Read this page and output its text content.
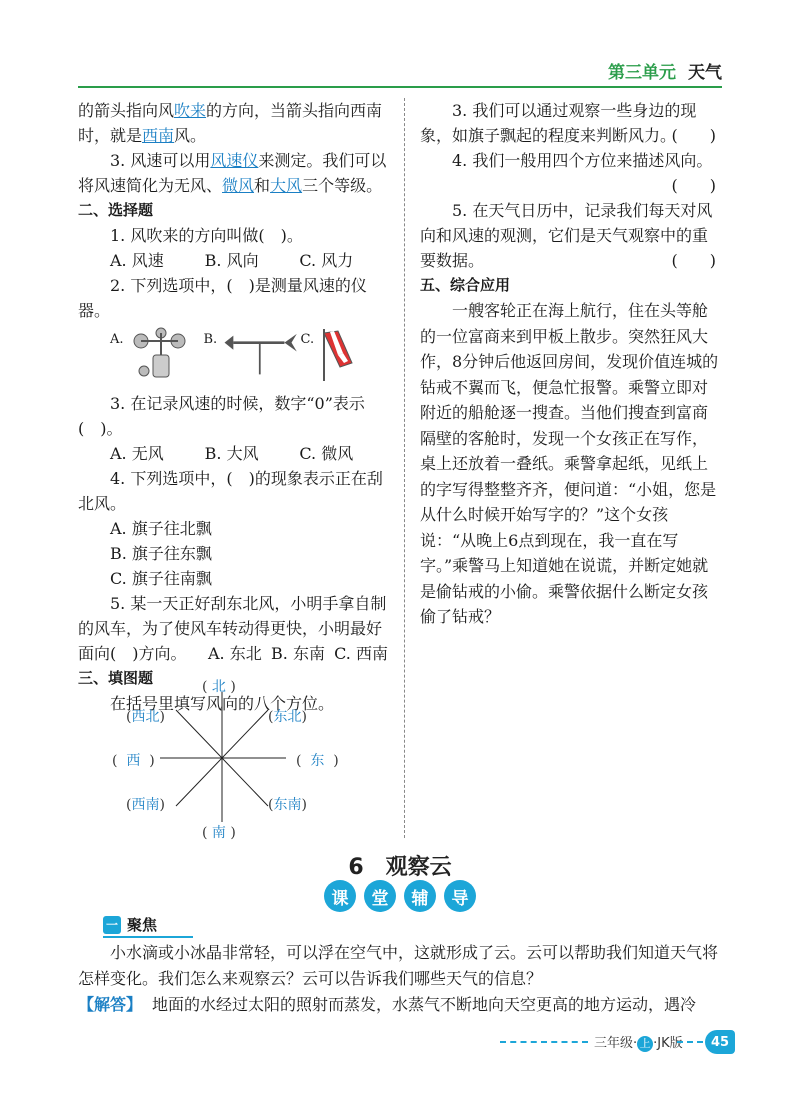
第三单元 天气

的箭头指向风吹来的方向，当箭头指向西南时，就是西南风。

3. 风速可以用风速仪来测定。我们可以将风速简化为无风、微风和大风三个等级。

二、选择题

1. 风吹来的方向叫做(　)。

A. 风速	B. 风向	C. 风力

2. 下列选项中，(　)是测量风速的仪器。

A.	B.	C.

3. 在记录风速的时候，数字“0”表示(　)。

A. 无风	B. 大风	C. 微风

4. 下列选项中，(　)的现象表示正在刮北风。

A. 旗子往北飘

B. 旗子往东飘

C. 旗子往南飘

5. 某一天正好刮东北风，小明手拿自制的风车，为了使风车转动得更快，小明最好面向(　)方向。	A. 东北 B. 东南 C. 西南

三、填图题

在括号里填写风向的八个方位。

( 北 )
(东北)
( 东 )
(东南)
( 南 )
(西南)
( 西 )
(西北)

3. 我们可以通过观察一些身边的现象，如旗子飘起的程度来判断风力。

(　　)

4. 我们一般用四个方位来描述风向。

(　　)

5. 在天气日历中，记录我们每天对风向和风速的观测，它们是天气观察中的重要数据。	(　　)

五、综合应用

一艘客轮正在海上航行，住在头等舱的一位富商来到甲板上散步。突然狂风大作，8分钟后他返回房间，发现价值连城的钻戒不翼而飞，便急忙报警。乘警立即对附近的船舱逐一搜查。当他们搜查到富商隔壁的客舱时，发现一个女孩正在写作，桌上还放着一叠纸。乘警拿起纸，见纸上的字写得整整齐齐，便问道：“小姐，您是从什么时候开始写字的？”这个女孩说：“从晚上6点到现在，我一直在写字。”乘警马上知道她在说谎，并断定她就是偷钻戒的小偷。乘警依据什么断定女孩偷了钻戒？

6 观察云
课	堂	辅	导
一 聚焦

小水滴或小冰晶非常轻，可以浮在空气中，这就形成了云。云可以帮助我们知道天气将怎样变化。我们怎么来观察云？云可以告诉我们哪些天气的信息？

【解答】 地面的水经过太阳的照射而蒸发，水蒸气不断地向天空更高的地方运动，遇冷

三年级· 上 ·JK版	45
